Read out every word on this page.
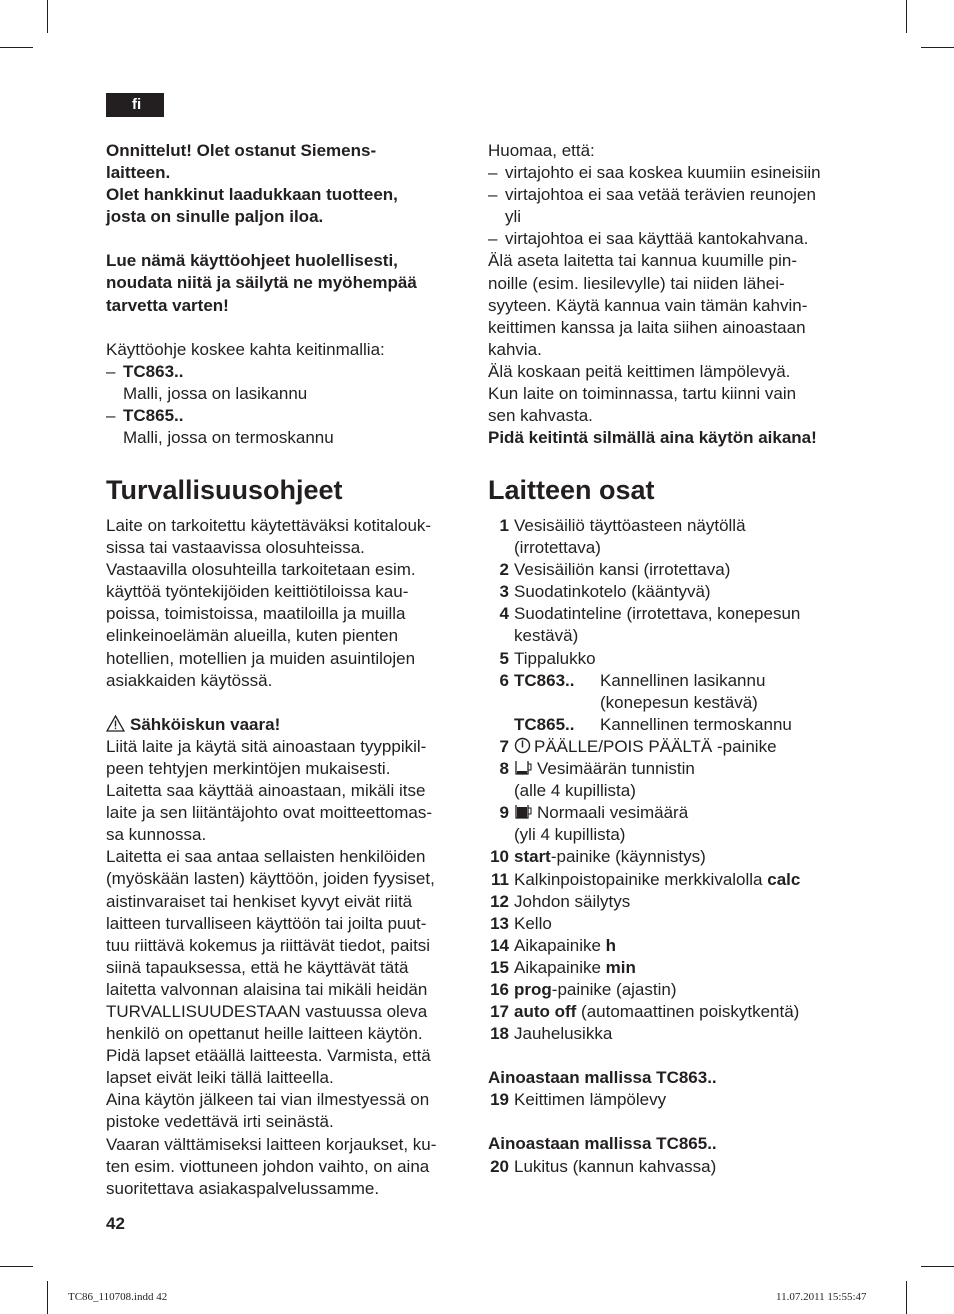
fi

Onnittelut! Olet ostanut Siemens-

laitteen.

Olet hankkinut laadukkaan tuotteen,

josta on sinulle paljon iloa.

Lue nämä käyttöohjeet huolellisesti,

noudata niitä ja säilytä ne myöhempää

tarvetta varten!

Käyttöohje koskee kahta keitinmallia:

– TC863..

Malli, jossa on lasikannu

– TC865..

Malli, jossa on termoskannu

Huomaa, että:

– virtajohto ei saa koskea kuumiin esineisiin
– virtajohtoa ei saa vetää terävien reunojen

yli

– virtajohtoa ei saa käyttää kantokahvana.

Älä aseta laitetta tai kannua kuumille pin-

noille (esim. liesilevylle) tai niiden lähei-

syyteen. Käytä kannua vain tämän kahvin-

keittimen kanssa ja laita siihen ainoastaan

kahvia.

Älä koskaan peitä keittimen lämpölevyä.

Kun laite on toiminnassa, tartu kiinni vain

sen kahvasta.

Pidä keitintä silmällä aina käytön aikana!

Turvallisuusohjeet	Laitteen osat

Laite on tarkoitettu käytettäväksi kotitalouk-

sissa tai vastaavissa olosuhteissa.

Vastaavilla olosuhteilla tarkoitetaan esim.

käyttöä työntekijöiden keittiötiloissa kau-

poissa, toimistoissa, maatiloilla ja muilla

elinkeinoelämän alueilla, kuten pienten

hotellien, motellien ja muiden asuintilojen

asiakkaiden käytössä.

Sähköiskun vaara!

Liitä laite ja käytä sitä ainoastaan tyyppikil-

peen tehtyjen merkintöjen mukaisesti.

Laitetta saa käyttää ainoastaan, mikäli itse

laite ja sen liitäntäjohto ovat moitteettomas-

sa kunnossa.

Laitetta ei saa antaa sellaisten henkilöiden

(myöskään lasten) käyttöön, joiden fyysiset,

aistinvaraiset tai henkiset kyvyt eivät riitä

laitteen turvalliseen käyttöön tai joilta puut-

tuu riittävä kokemus ja riittävät tiedot, paitsi

siinä tapauksessa, että he käyttävät tätä

laitetta valvonnan alaisina tai mikäli heidän

TURVALLISUUDESTAAN vastuussa oleva

henkilö on opettanut heille laitteen käytön.

Pidä lapset etäällä laitteesta. Varmista, että

lapset eivät leiki tällä laitteella.

Aina käytön jälkeen tai vian ilmestyessä on

pistoke vedettävä irti seinästä.

Vaaran välttämiseksi laitteen korjaukset, ku-

ten esim. viottuneen johdon vaihto, on aina

suoritettava asiakaspalvelussamme.

1 Vesisäiliö täyttöasteen näytöllä
(irrotettava)
2 Vesisäiliön kansi (irrotettava)
3 Suodatinkotelo (kääntyvä)
4 Suodatinteline (irrotettava, konepesun
kestävä)
5 Tippalukko
6 TC863..	Kannellinen lasikannu
(konepesun kestävä)
TC865..	Kannellinen termoskannu
7	PÄÄLLE/POIS PÄÄLTÄ -painike
8	Vesimäärän tunnistin
(alle 4 kupillista)
9	Normaali vesimäärä
(yli 4 kupillista)
10 start-painike (käynnistys)
11 Kalkinpoistopainike merkkivalolla calc
12 Johdon säilytys
13 Kello
14 Aikapainike h
15 Aikapainike min
16 prog-painike (ajastin)
17 auto off (automaattinen poiskytkentä)
18 Jauhelusikka

Ainoastaan mallissa TC863..

19 Keittimen lämpölevy

Ainoastaan mallissa TC865..

20 Lukitus (kannun kahvassa)
42
TC86_110708.indd 42	11.07.2011 15:55:47
